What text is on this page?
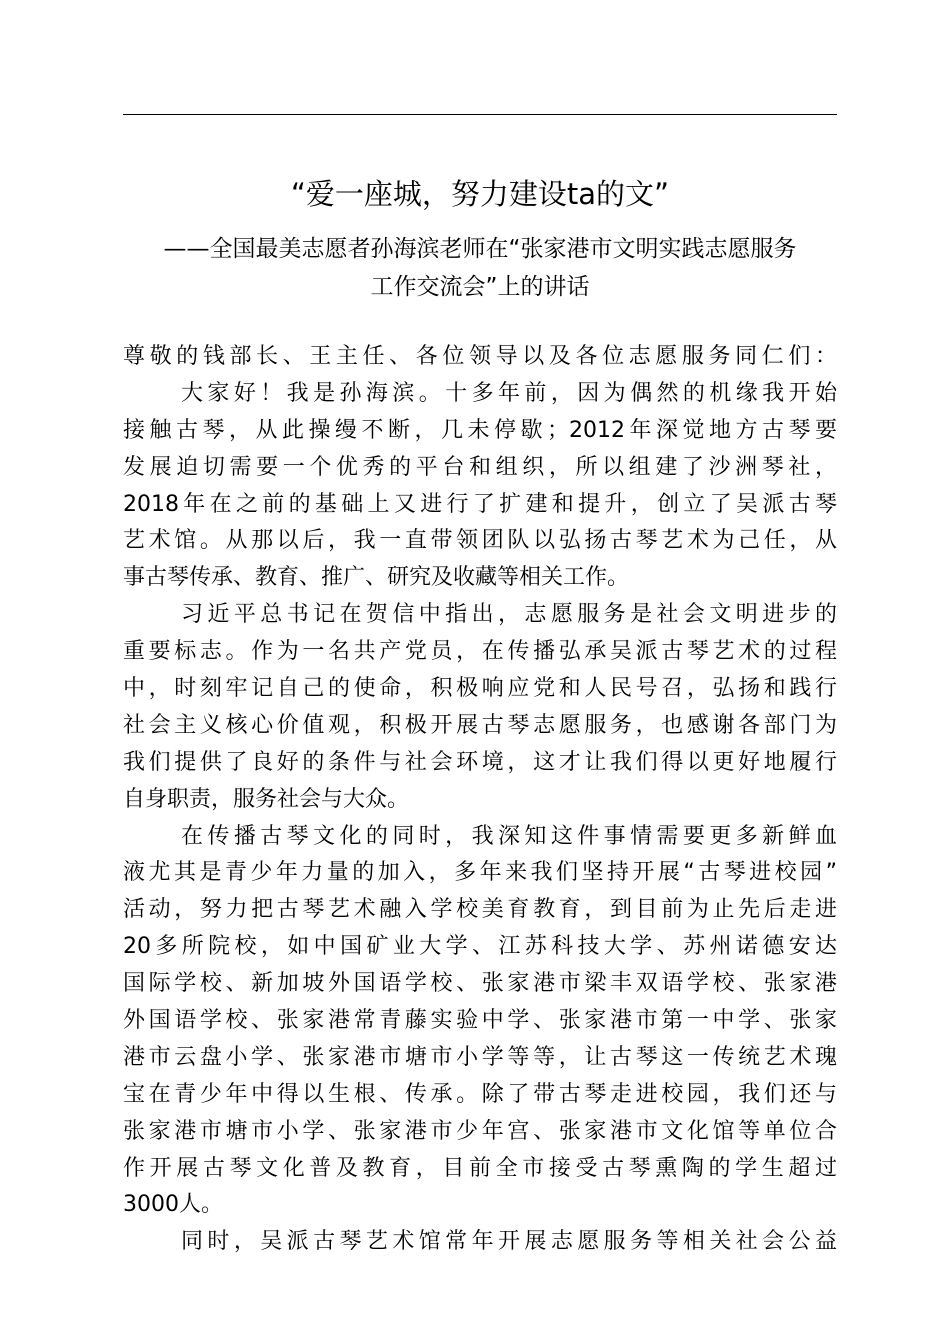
“爱一座城，努力建设ta的文”
——全国最美志愿者孙海滨老师在“张家港市文明实践志愿服务
工作交流会”上的讲话
尊敬的钱部长、王主任、各位领导以及各位志愿服务同仁们：
大家好！我是孙海滨。十多年前，因为偶然的机缘我开始
接触古琴，从此操缦不断，几未停歇；2012年深觉地方古琴要
发展迫切需要一个优秀的平台和组织，所以组建了沙洲琴社，
2018年在之前的基础上又进行了扩建和提升，创立了吴派古琴
艺术馆。从那以后，我一直带领团队以弘扬古琴艺术为己任，从
事古琴传承、教育、推广、研究及收藏等相关工作。
习近平总书记在贺信中指出，志愿服务是社会文明进步的
重要标志。作为一名共产党员，在传播弘承吴派古琴艺术的过程
中，时刻牢记自己的使命，积极响应党和人民号召，弘扬和践行
社会主义核心价值观，积极开展古琴志愿服务，也感谢各部门为
我们提供了良好的条件与社会环境，这才让我们得以更好地履行
自身职责，服务社会与大众。
在传播古琴文化的同时，我深知这件事情需要更多新鲜血
液尤其是青少年力量的加入，多年来我们坚持开展“古琴进校园”
活动，努力把古琴艺术融入学校美育教育，到目前为止先后走进
20多所院校，如中国矿业大学、江苏科技大学、苏州诺德安达
国际学校、新加坡外国语学校、张家港市梁丰双语学校、张家港
外国语学校、张家港常青藤实验中学、张家港市第一中学、张家
港市云盘小学、张家港市塘市小学等等，让古琴这一传统艺术瑰
宝在青少年中得以生根、传承。除了带古琴走进校园，我们还与
张家港市塘市小学、张家港市少年宫、张家港市文化馆等单位合
作开展古琴文化普及教育，目前全市接受古琴熏陶的学生超过
3000人。
同时，吴派古琴艺术馆常年开展志愿服务等相关社会公益
